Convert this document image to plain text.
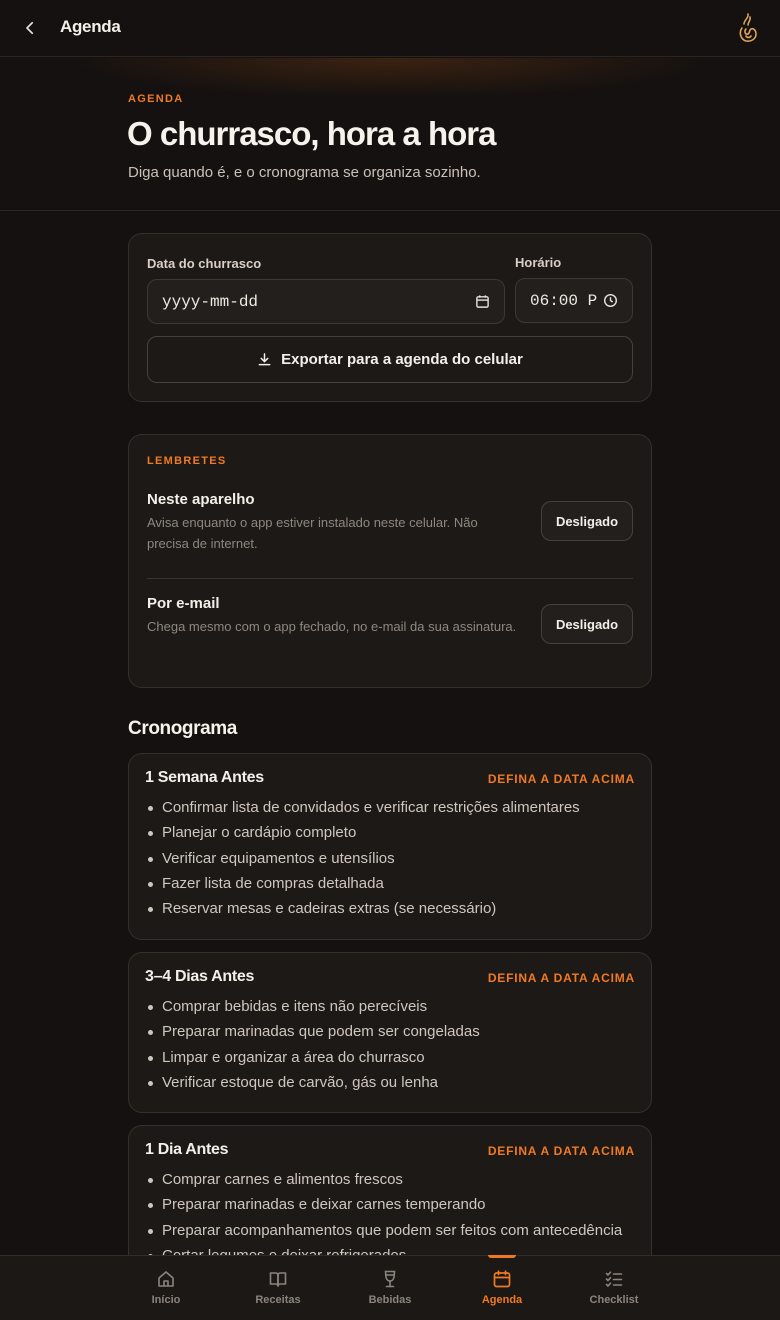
Agenda
AGENDA
O churrasco, hora a hora
Diga quando é, e o cronograma se organiza sozinho.
Data do churrasco
yyyy-mm-dd
Horário
06:00 P
Exportar para a agenda do celular
LEMBRETES
Neste aparelho
Avisa enquanto o app estiver instalado neste celular. Não precisa de internet.
Desligado
Por e-mail
Chega mesmo com o app fechado, no e-mail da sua assinatura.	Desligado
Cronograma
1 Semana Antes	DEFINA A DATA ACIMA
Confirmar lista de convidados e verificar restrições alimentares
Planejar o cardápio completo
Verificar equipamentos e utensílios
Fazer lista de compras detalhada
Reservar mesas e cadeiras extras (se necessário)
3–4 Dias Antes	DEFINA A DATA ACIMA
Comprar bebidas e itens não perecíveis
Preparar marinadas que podem ser congeladas
Limpar e organizar a área do churrasco
Verificar estoque de carvão, gás ou lenha
1 Dia Antes	DEFINA A DATA ACIMA
Comprar carnes e alimentos frescos
Preparar marinadas e deixar carnes temperando
Preparar acompanhamentos que podem ser feitos com antecedência
Início	Receitas	Bebidas	Agenda	Checklist
